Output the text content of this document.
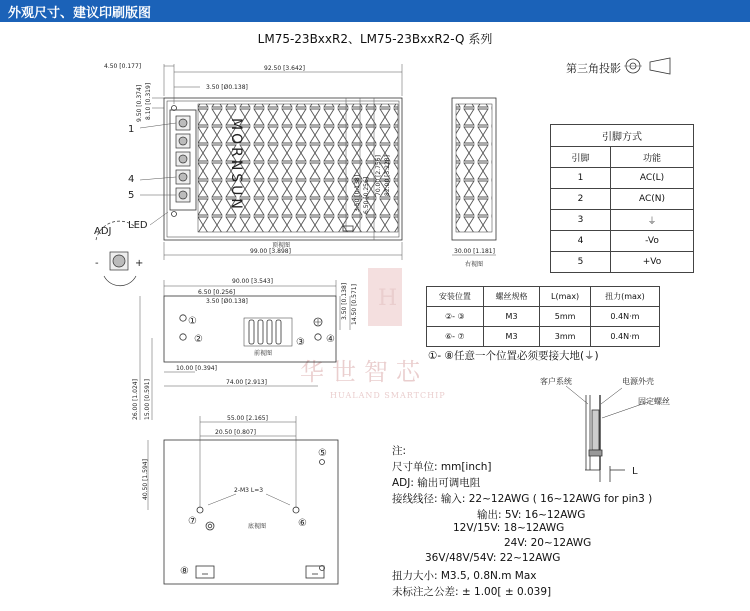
外观尺寸、建议印刷版图
LM75-23BxxR2、LM75-23BxxR2-Q 系列
H
华世智芯
HUALAND SMARTCHIP
MORNSUN
顶视图
4.50 [0.177]	92.50 [3.642]
3.50 [Ø0.138]
8.10 [0.319]
9.50 [0.374]
3.50 [0.138] 6.50 [0.256] 70.00 [2.756] 82.00 [3.228]
99.00 [3.898]
1
4
5
LED
ADJ
-	+
30.00 [1.181]
右视图
第三角投影
前视图
90.00 [3.543]
6.50 [0.256]
3.50 [Ø0.138]	3.50 [0.138] 14.50 [0.571]
10.00 [0.394]
74.00 [2.913]
26.00 [1.024] 15.00 [0.591]
①
②	③ ④
55.00 [2.165]
20.50 [0.807]
40.50 [1.594]	2-M3 L=3
底视图
⑤
⑥
⑦
⑧
客户系统	电源外壳
固定螺丝
L
引脚方式	
引脚	功能
1	AC(L)
2	AC(N)
3	⏚
4	-Vo
5	+Vo
安装位置	螺丝规格	L(max)	扭力(max)
②- ③	M3	5mm	0.4N·m
⑥- ⑦	M3	3mm	0.4N·m
①- ⑧任意一个位置必须要接大地(⏚)
注:
尺寸单位: mm[inch]
ADJ: 输出可调电阻
接线线径: 输入: 22~12AWG ( 16~12AWG for pin3 )
输出: 5V: 16~12AWG
12V/15V: 18~12AWG
24V: 20~12AWG
36V/48V/54V: 22~12AWG
扭力大小: M3.5, 0.8N.m Max
未标注之公差: ± 1.00[ ± 0.039]
